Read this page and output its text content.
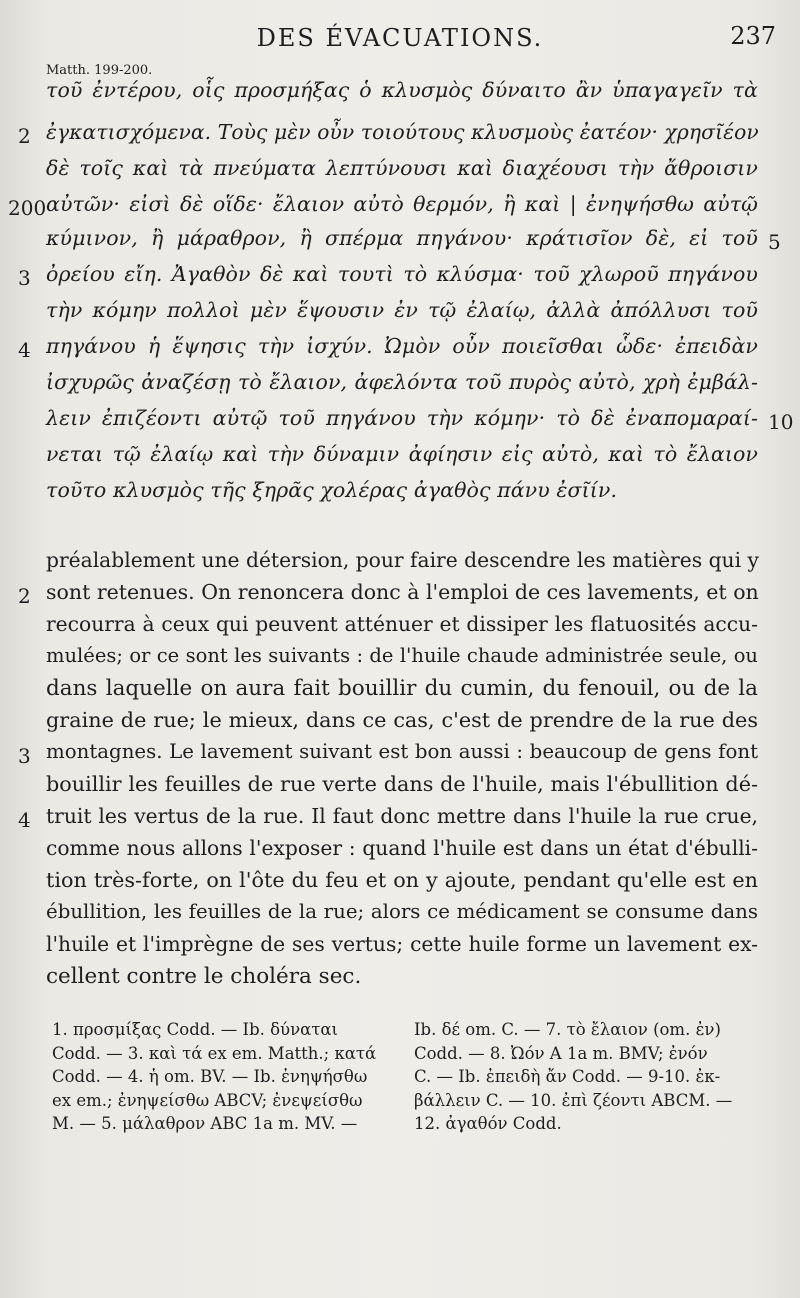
DES ÉVACUATIONS.	237
Matth. 199-200.
τοῦ ἐντέρου, οἷς προσμήξας ὁ κλυσμὸς δύναιτο ἂν ὑπαγαγεῖν τὰ
ἐγκατισχόμενα. Τοὺς μὲν οὖν τοιούτους κλυσμοὺς ἐατέον· χρησῖέον
δὲ τοῖς καὶ τὰ πνεύματα λεπτύνουσι καὶ διαχέουσι τὴν ἄθροισιν
αὐτῶν· εἰσὶ δὲ οἵδε· ἔλαιον αὐτὸ θερμόν, ἢ καὶ | ἐνηψήσθω αὐτῷ
κύμινον, ἢ μάραθρον, ἢ σπέρμα πηγάνου· κράτισῖον δὲ, εἰ τοῦ
ὀρείου εἴη. Ἀγαθὸν δὲ καὶ τουτὶ τὸ κλύσμα· τοῦ χλωροῦ πηγάνου
τὴν κόμην πολλοὶ μὲν ἕψουσιν ἐν τῷ ἐλαίῳ, ἀλλὰ ἀπόλλυσι τοῦ
πηγάνου ἡ ἕψησις τὴν ἰσχύν. Ὠμὸν οὖν ποιεῖσθαι ὧδε· ἐπειδὰν
ἰσχυρῶς ἀναζέσῃ τὸ ἔλαιον, ἀφελόντα τοῦ πυρὸς αὐτὸ, χρὴ ἐμβάλ-
λειν ἐπιζέοντι αὐτῷ τοῦ πηγάνου τὴν κόμην· τὸ δὲ ἐναπομαραί-
νεται τῷ ἐλαίῳ καὶ τὴν δύναμιν ἀφίησιν εἰς αὐτὸ, καὶ τὸ ἔλαιον
τοῦτο κλυσμὸς τῆς ξηρᾶς χολέρας ἀγαθὸς πάνυ ἐσῖίν.
2
200
5
3
4
10
préalablement une détersion, pour faire descendre les matières qui y
sont retenues. On renoncera donc à l'emploi de ces lavements, et on
recourra à ceux qui peuvent atténuer et dissiper les flatuosités accu-
mulées; or ce sont les suivants : de l'huile chaude administrée seule, ou
dans laquelle on aura fait bouillir du cumin, du fenouil, ou de la
graine de rue; le mieux, dans ce cas, c'est de prendre de la rue des
montagnes. Le lavement suivant est bon aussi : beaucoup de gens font
bouillir les feuilles de rue verte dans de l'huile, mais l'ébullition dé-
truit les vertus de la rue. Il faut donc mettre dans l'huile la rue crue,
comme nous allons l'exposer : quand l'huile est dans un état d'ébulli-
tion très-forte, on l'ôte du feu et on y ajoute, pendant qu'elle est en
ébullition, les feuilles de la rue; alors ce médicament se consume dans
l'huile et l'imprègne de ses vertus; cette huile forme un lavement ex-
cellent contre le choléra sec.
2
3
4
1. προσμίξας Codd. — Ib. δύναται
Codd. — 3. καὶ τά ex em. Matth.; κατά
Codd. — 4. ἡ om. BV. — Ib. ἐνηψήσθω
ex em.; ἐνηψείσθω ABCV; ἐνεψείσθω
M. — 5. μάλαθρον ABC 1a m. MV. —
Ib. δέ om. C. — 7. τὸ ἔλαιον (om. ἐν)
Codd. — 8. Ὠόν A 1a m. BMV; ἐνόν
C. — Ib. ἐπειδὴ ἄν Codd. — 9-10. ἐκ-
βάλλειν C. — 10. ἐπὶ ζέοντι ABCM. —
12. ἀγαθόν Codd.
